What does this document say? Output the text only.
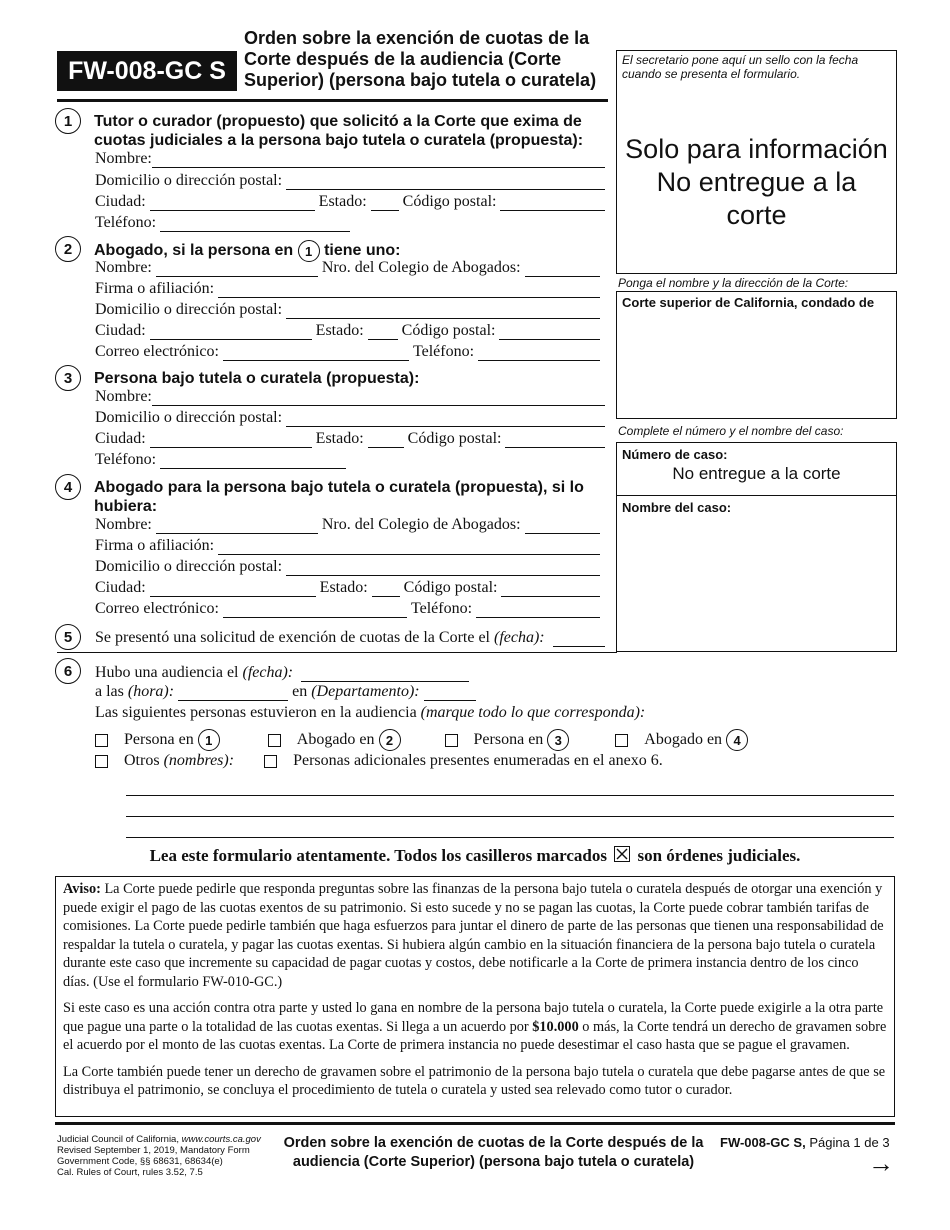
FW-008-GC S
Orden sobre la exención de cuotas de la Corte después de la audiencia (Corte Superior) (persona bajo tutela o curatela)
El secretario pone aquí un sello con la fecha cuando se presenta el formulario.
Solo para información
No entregue a la corte
Ponga el nombre y la dirección de la Corte:
Corte superior de California, condado de
Complete el número y el nombre del caso:
Número de caso:
No entregue a la corte
Nombre del caso:
1	Tutor o curador (propuesto) que solicitó a la Corte que exima de cuotas judiciales a la persona bajo tutela o curatela (propuesta):
Nombre:
Domicilio o dirección postal:
Ciudad:	Estado: Código postal:
Teléfono:
2	Abogado, si la persona en 1 tiene uno:
Nombre:	Nro. del Colegio de Abogados:
Firma o afiliación:
Domicilio o dirección postal:
Ciudad:	Estado: Código postal:
Correo electrónico:	Teléfono:
3	Persona bajo tutela o curatela (propuesta):
Nombre:
Domicilio o dirección postal:
Ciudad:	Estado:	Código postal:
Teléfono:
4	Abogado para la persona bajo tutela o curatela (propuesta), si lo hubiera:
Nombre:	Nro. del Colegio de Abogados:
Firma o afiliación:
Domicilio o dirección postal:
Ciudad:	Estado: Código postal:
Correo electrónico:	Teléfono:
5	Se presentó una solicitud de exención de cuotas de la Corte el
(fecha):
6	Hubo una audiencia el
(fecha):
a las
(hora):	en
(Departamento):
Las siguientes personas estuvieron en la audiencia
(marque todo lo que corresponda):
Persona en
1	Abogado en
2	Persona en
3	Abogado en
4
Otros
(nombres):	Personas adicionales presentes enumeradas en el anexo 6.
Lea este formulario atentamente. Todos los casilleros marcados son órdenes judiciales.

Aviso: La Corte puede pedirle que responda preguntas sobre las finanzas de la persona bajo tutela o curatela después de otorgar una exención y puede exigir el pago de las cuotas exentos de su patrimonio. Si esto sucede y no se pagan las cuotas, la Corte puede cobrar también tarifas de comisiones. La Corte puede pedirle también que haga esfuerzos para juntar el dinero de parte de las personas que tienen una responsabilidad de respaldar la tutela o curatela, y pagar las cuotas exentas. Si hubiera algún cambio en la situación financiera de la persona bajo tutela o curatela durante este caso que incremente su capacidad de pagar cuotas y costos, debe notificarle a la Corte de primera instancia dentro de los cinco días. (Use el formulario FW-010-GC.)

Si este caso es una acción contra otra parte y usted lo gana en nombre de la persona bajo tutela o curatela, la Corte puede exigirle a la otra parte que pague una parte o la totalidad de las cuotas exentas. Si llega a un acuerdo por $10.000 o más, la Corte tendrá un derecho de gravamen sobre el acuerdo por el monto de las cuotas exentas. La Corte de primera instancia no puede desestimar el caso hasta que se pague el gravamen.

La Corte también puede tener un derecho de gravamen sobre el patrimonio de la persona bajo tutela o curatela que debe pagarse antes de que se distribuya el patrimonio, se concluya el procedimiento de tutela o curatela y usted sea relevado como tutor o curador.

Judicial Council of California, www.courts.ca.gov
Revised September 1, 2019, Mandatory Form
Government Code, §§ 68631, 68634(e)
Cal. Rules of Court, rules 3.52, 7.5
Orden sobre la exención de cuotas de la Corte después de la audiencia (Corte Superior) (persona bajo tutela o curatela)
FW-008-GC S, Página 1 de 3
→
